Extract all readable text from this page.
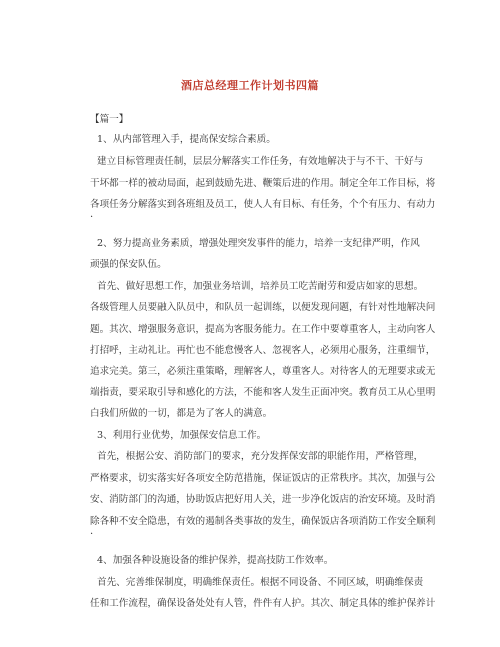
酒店总经理工作计划书四篇
【篇一】
1、从内部管理入手，提高保安综合素质。
建立目标管理责任制，层层分解落实工作任务，有效地解决于与不干、干好与
干坏都一样的被动局面，起到鼓励先进、鞭策后进的作用。制定全年工作目标，将
各项任务分解落实到各班组及员工，使人人有目标、有任务，个个有压力、有动力
.
2、努力提高业务素质，增强处理突发事件的能力，培养一支纪律严明，作风
顽强的保安队伍。
首先、做好思想工作，加强业务培训，培养员工吃苦耐劳和爱店如家的思想。
各级管理人员要融入队员中，和队员一起训练，以便发现问题，有针对性地解决问
题。其次、增强服务意识，提高为客服务能力。在工作中要尊重客人，主动向客人
打招呼，主动礼让。再忙也不能怠慢客人、忽视客人，必须用心服务，注重细节，
追求完美。第三，必须注重策略，理解客人，尊重客人。对待客人的无理要求或无
端指责，要采取引导和感化的方法，不能和客人发生正面冲突。教育员工从心里明
白我们所做的一切，都是为了客人的满意。
3、利用行业优势，加强保安信息工作。
首先，根据公安、消防部门的要求，充分发挥保安部的职能作用，严格管理，
严格要求，切实落实好各项安全防范措施，保证饭店的正常秩序。其次，加强与公
安、消防部门的沟通，协助饭店把好用人关，进一步净化饭店的治安环境。及时消
除各种不安全隐患，有效的遏制各类事故的发生，确保饭店各项消防工作安全顺利
.
4、加强各种设施设备的维护保养，提高技防工作效率。
首先、完善维保制度，明确维保责任。根据不同设备、不同区域，明确维保责
任和工作流程，确保设备处处有人管，件件有人护。其次、制定具体的维护保养计
